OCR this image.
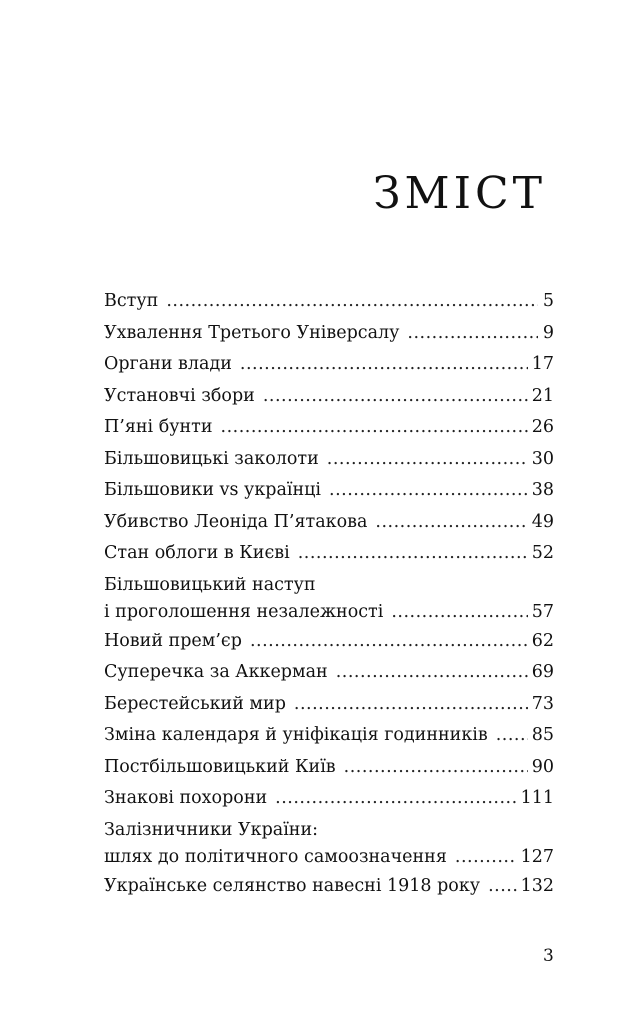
ЗМІСТ
Вступ .....	5
Ухвалення Третього Універсалу .....	9
Органи влади .....	17
Установчі збори .....	21
П’яні бунти .....	26
Більшовицькі заколоти .....	30
Більшовики vs українці .....	38
Убивство Леоніда П’ятакова .....	49
Стан облоги в Києві .....	52
Більшовицький наступ
і проголошення незалежності .....	57
Новий прем’єр .....	62
Суперечка за Аккерман .....	69
Берестейський мир .....	73
Зміна календаря й уніфікація годинників .....	85
Постбільшовицький Київ .....	90
Знакові похорони .....	111
Залізничники України:
шлях до політичного самоозначення .....	127
Українське селянство навесні 1918 року ..... 132
3
